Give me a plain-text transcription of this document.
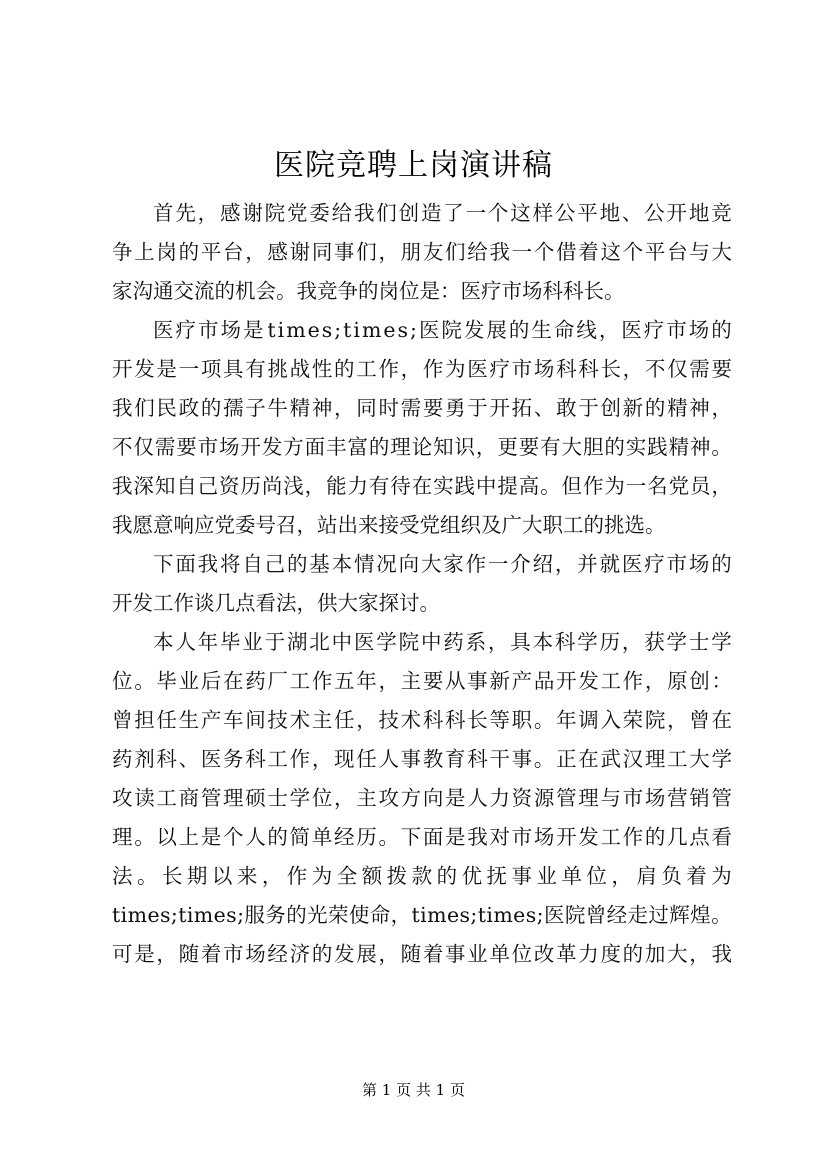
医院竞聘上岗演讲稿
首 先 ， 感 谢 院 党 委 给 我 们 创 造 了 一 个 这 样 公 平 地 、 公 开 地 竞
争 上 岗 的 平 台 ， 感 谢 同 事 们 ， 朋 友 们 给 我 一 个 借 着 这 个 平 台 与 大
家沟通交流的机会。我竞争的岗位是：医疗市场科科长。
医 疗 市 场 是 t i m e s ; t i m e s ; 医 院 发 展 的 生 命 线 ， 医 疗 市 场 的
开 发 是 一 项 具 有 挑 战 性 的 工 作 ， 作 为 医 疗 市 场 科 科 长 ， 不 仅 需 要
我 们 民 政 的 孺 子 牛 精 神 ， 同 时 需 要 勇 于 开 拓 、 敢 于 创 新 的 精 神 ，
不 仅 需 要 市 场 开 发 方 面 丰 富 的 理 论 知 识 ， 更 要 有 大 胆 的 实 践 精 神 。
我 深 知 自 己 资 历 尚 浅 ， 能 力 有 待 在 实 践 中 提 高 。 但 作 为 一 名 党 员 ，
我愿意响应党委号召，站出来接受党组织及广大职工的挑选。
下 面 我 将 自 己 的 基 本 情 况 向 大 家 作 一 介 绍 ， 并 就 医 疗 市 场 的
开发工作谈几点看法，供大家探讨。
本 人 年 毕 业 于 湖 北 中 医 学 院 中 药 系 ， 具 本 科 学 历 ， 获 学 士 学
位 。 毕 业 后 在 药 厂 工 作 五 年 ， 主 要 从 事 新 产 品 开 发 工 作 ， 原 创 ：
曾 担 任 生 产 车 间 技 术 主 任 ， 技 术 科 科 长 等 职 。 年 调 入 荣 院 ， 曾 在
药 剂 科 、 医 务 科 工 作 ， 现 任 人 事 教 育 科 干 事 。 正 在 武 汉 理 工 大 学
攻 读 工 商 管 理 硕 士 学 位 ， 主 攻 方 向 是 人 力 资 源 管 理 与 市 场 营 销 管
理 。 以 上 是 个 人 的 简 单 经 历 。 下 面 是 我 对 市 场 开 发 工 作 的 几 点 看
法 。 长 期 以 来 ， 作 为 全 额 拨 款 的 优 抚 事 业 单 位 ， 肩 负 着 为
t i m e s ; t i m e s ; 服 务 的 光 荣 使 命 ， t i m e s ; t i m e s ; 医 院 曾 经 走 过 辉 煌 。
可 是 ， 随 着 市 场 经 济 的 发 展 ， 随 着 事 业 单 位 改 革 力 度 的 加 大 ， 我
第 1 页 共 1 页
